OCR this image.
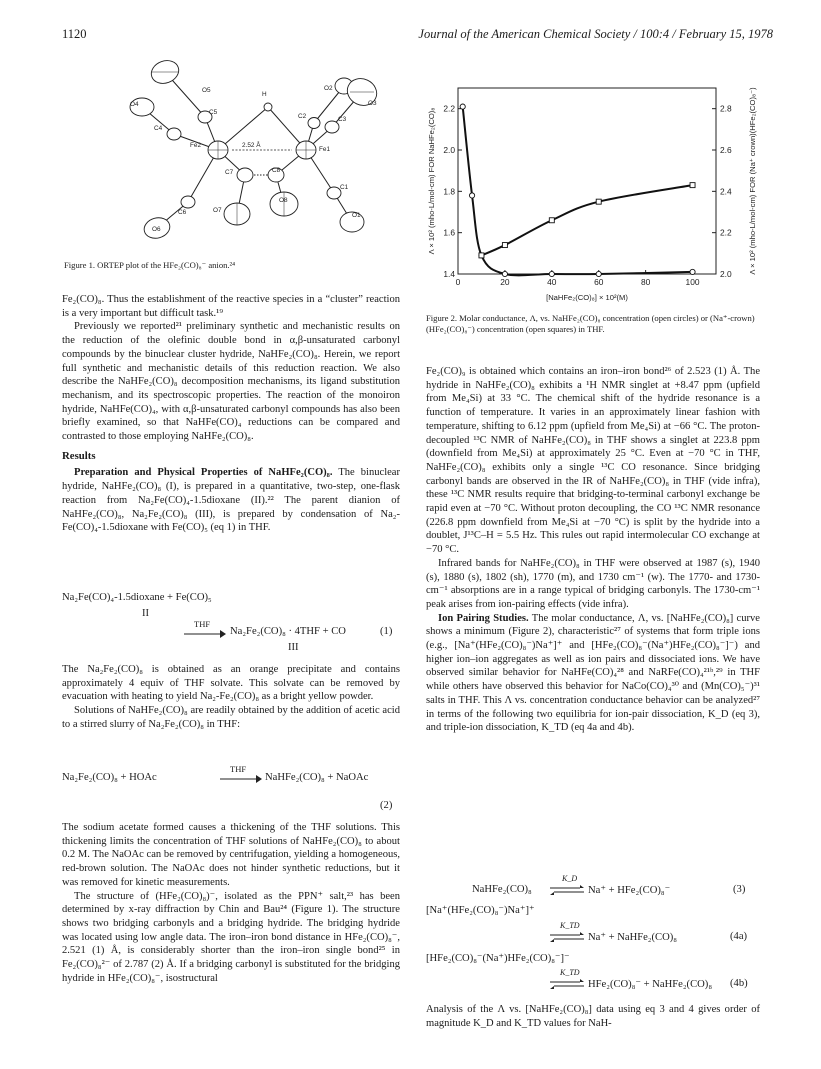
1120	Journal of the American Chemical Society / 100:4 / February 15, 1978
O5
H
O2
O4
C5
C2
O3
C4
C3
Fe2	2.52 Å
Fe1
C7	C8
O7
O8
C6
C1
O6
O1
Figure 1. ORTEP plot of the HFe₂(CO)₈⁻ anion.²⁴

Fe₂(CO)₈. Thus the establishment of the reactive species in a “cluster” reaction is a very important but difficult task.¹⁹

Previously we reported²¹ preliminary synthetic and mechanistic results on the reduction of the olefinic double bond in α,β-unsaturated carbonyl compounds by the binuclear cluster hydride, NaHFe₂(CO)₈. Herein, we report full synthetic and mechanistic details of this reduction reaction. We also describe the NaHFe₂(CO)₈ decomposition mechanisms, its ligand substitution mechanism, and its spectroscopic properties. The reaction of the monoiron hydride, NaHFe(CO)₄, with α,β-unsaturated carbonyl compounds has also been briefly examined, so that NaHFe(CO)₄ reductions can be compared and contrasted to those employing NaHFe₂(CO)₈.

Results

Preparation and Physical Properties of NaHFe₂(CO)₈. The binuclear hydride, NaHFe₂(CO)₈ (I), is prepared in a quantitative, two-step, one-flask reaction from Na₂Fe(CO)₄-1.5dioxane (II).²² The parent dianion of NaHFe₂(CO)₈, Na₂Fe₂(CO)₈ (III), is prepared by condensation of Na₂-Fe(CO)₄-1.5dioxane with Fe(CO)₅ (eq 1) in THF.

Na₂Fe(CO)₄-1.5dioxane + Fe(CO)₅
II
THF
Na₂Fe₂(CO)₈ · 4THF + CO	(1)
III

The Na₂Fe₂(CO)₈ is obtained as an orange precipitate and contains approximately 4 equiv of THF solvate. This solvate can be removed by evacuation with heating to yield Na₂-Fe₂(CO)₈ as a bright yellow powder.

Solutions of NaHFe₂(CO)₈ are readily obtained by the addition of acetic acid to a stirred slurry of Na₂Fe₂(CO)₈ in THF:

Na₂Fe₂(CO)₈ + HOAc
THF
NaHFe₂(CO)₈ + NaOAc
(2)

The sodium acetate formed causes a thickening of the THF solutions. This thickening limits the concentration of THF solutions of NaHFe₂(CO)₈ to about 0.2 M. The NaOAc can be removed by centrifugation, yielding a homogeneous, red-brown solution. The NaOAc does not hinder synthetic reductions, but it was removed for kinetic measurements.

The structure of (HFe₂(CO)₈)⁻, isolated as the PPN⁺ salt,²³ has been determined by x-ray diffraction by Chin and Bau²⁴ (Figure 1). The structure shows two bridging carbonyls and a bridging hydride. The bridging hydride was located using low angle data. The iron–iron bond distance in HFe₂(CO)₈⁻, 2.521 (1) Å, is considerably shorter than the iron–iron single bond²⁵ in Fe₂(CO)₈²⁻ of 2.787 (2) Å. If a bridging carbonyl is substituted for the bridging hydride in HFe₂(CO)₈⁻, isostructural

0	20	40	60	80	100
1.4
1.6
1.8
2.0
2.2
2.0
2.2
2.4
2.6
2.8
[NaHFe₂(CO)₈] × 10²(M)
Λ × 10² (mho-L/mol-cm) FOR NaHFe₂(CO)₈	Λ × 10² (mho-L/mol-cm) FOR (Na⁺ crown)(HFe₂(CO)₈⁻)
Figure 2. Molar conductance, Λ, vs. NaHFe₂(CO)₈ concentration (open circles) or (Na⁺-crown) (HFe₂(CO)₈⁻) concentration (open squares) in THF.

Fe₂(CO)₉ is obtained which contains an iron–iron bond²⁶ of 2.523 (1) Å. The hydride in NaHFe₂(CO)₈ exhibits a ¹H NMR singlet at +8.47 ppm (upfield from Me₄Si) at 33 °C. The chemical shift of the hydride resonance is a function of temperature. It varies in an approximately linear fashion with temperature, shifting to 6.12 ppm (upfield from Me₄Si) at −66 °C. The proton-decoupled ¹³C NMR of NaHFe₂(CO)₈ in THF shows a singlet at 223.8 ppm (downfield from Me₄Si) at approximately 25 °C. Even at −70 °C in THF, NaHFe₂(CO)₈ exhibits only a single ¹³C CO resonance. Since bridging carbonyl bands are observed in the IR of NaHFe₂(CO)₈ in THF (vide infra), these ¹³C NMR results require that bridging-to-terminal carbonyl exchange be rapid even at −70 °C. Without proton decoupling, the CO ¹³C NMR resonance (226.8 ppm downfield from Me₄Si at −70 °C) is split by the hydride into a doublet, J¹³C–H = 5.5 Hz. This rules out rapid intermolecular CO exchange at −70 °C.

Infrared bands for NaHFe₂(CO)₈ in THF were observed at 1987 (s), 1940 (s), 1880 (s), 1802 (sh), 1770 (m), and 1730 cm⁻¹ (w). The 1770- and 1730-cm⁻¹ absorptions are in a range typical of bridging carbonyls. The 1730-cm⁻¹ peak arises from ion-pairing effects (vide infra).

Ion Pairing Studies. The molar conductance, Λ, vs. [NaHFe₂(CO)₈] curve shows a minimum (Figure 2), characteristic²⁷ of systems that form triple ions (e.g., [Na⁺(HFe₂(CO)₈⁻)Na⁺]⁺ and [HFe₂(CO)₈⁻(Na⁺)HFe₂(CO)₈⁻]⁻) and higher ion–ion aggregates as well as ion pairs and dissociated ions. We have observed similar behavior for NaHFe(CO)₄²⁸ and NaRFe(CO)₄²¹ᵇ,²⁹ in THF while others have observed this behavior for NaCo(CO)₄³⁰ and (Mn(CO)₅⁻)³¹ salts in THF. This Λ vs. concentration conductance behavior can be analyzed²⁷ in terms of the following two equilibria for ion-pair dissociation, K_D (eq 3), and triple-ion dissociation, K_TD (eq 4a and 4b).

NaHFe₂(CO)₈
K_D
Na⁺ + HFe₂(CO)₈⁻	(3)
[Na⁺(HFe₂(CO)₈⁻)Na⁺]⁺
K_TD
Na⁺ + NaHFe₂(CO)₈	(4a)
[HFe₂(CO)₈⁻(Na⁺)HFe₂(CO)₈⁻]⁻
K_TD
HFe₂(CO)₈⁻ + NaHFe₂(CO)₈ (4b)

Analysis of the Λ vs. [NaHFe₂(CO)₈] data using eq 3 and 4 gives order of magnitude K_D and K_TD values for NaH-
